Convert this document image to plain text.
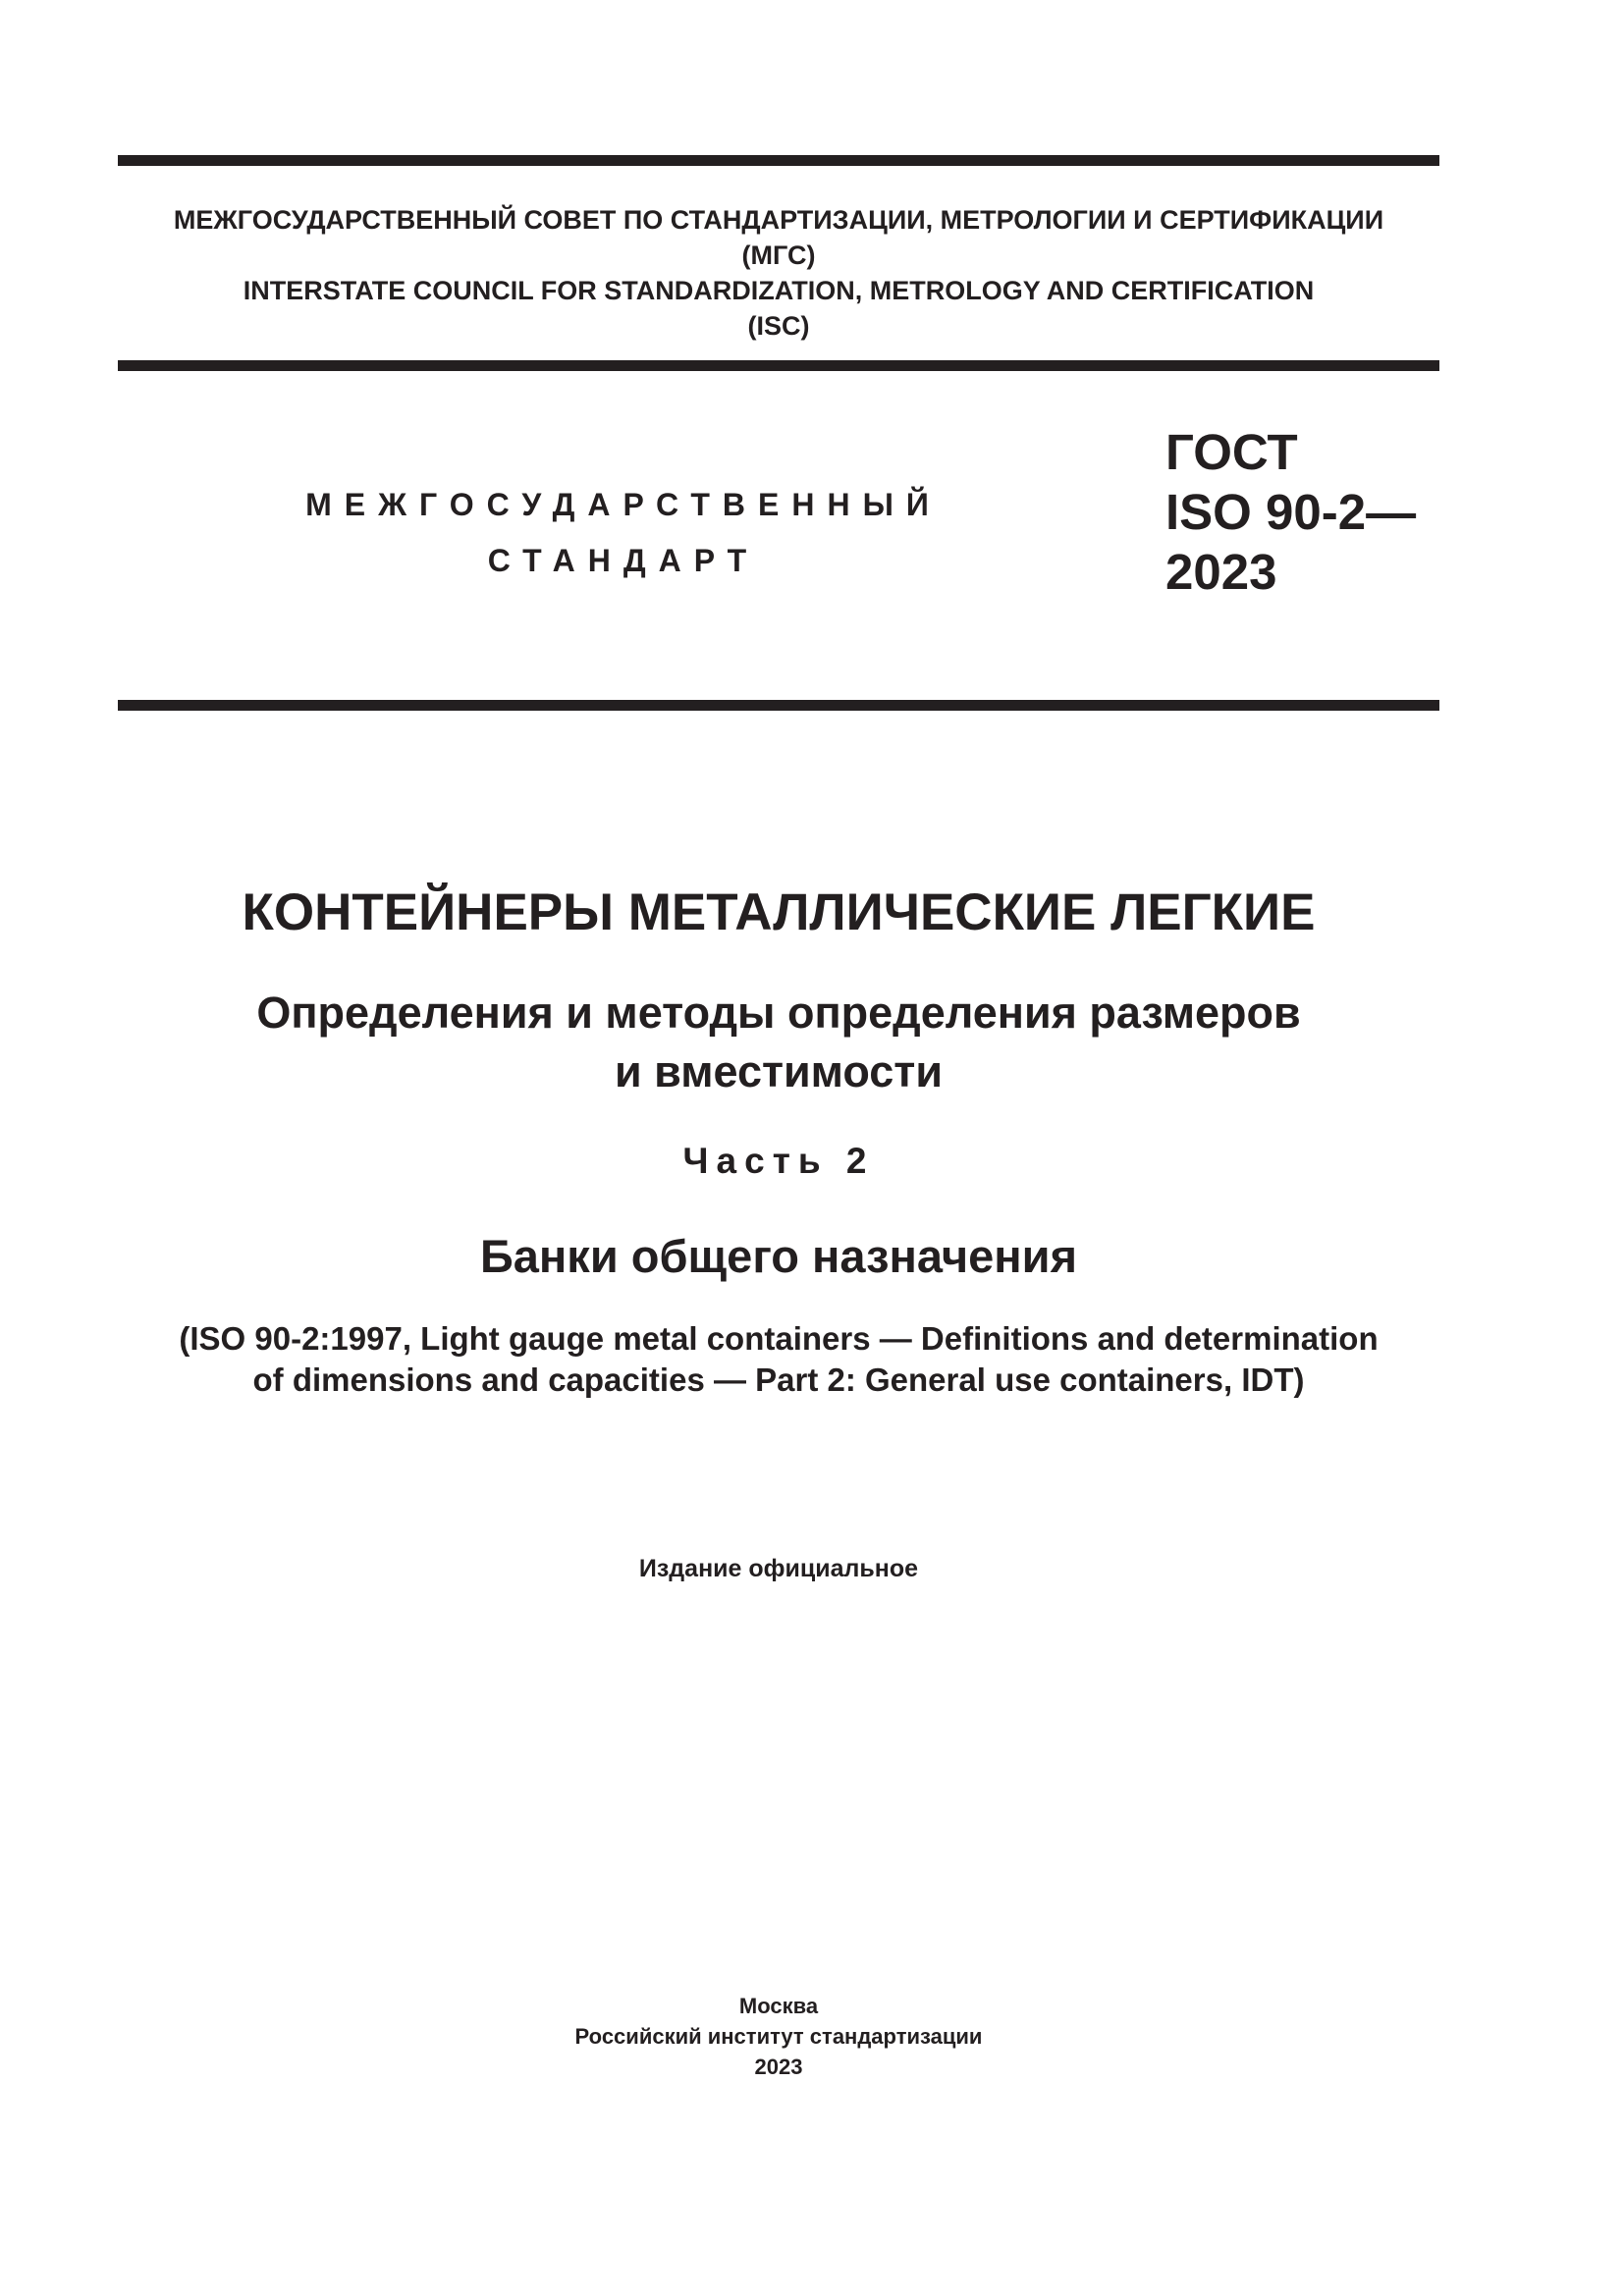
МЕЖГОСУДАРСТВЕННЫЙ СОВЕТ ПО СТАНДАРТИЗАЦИИ, МЕТРОЛОГИИ И СЕРТИФИКАЦИИ
(МГС)
INTERSTATE COUNCIL FOR STANDARDIZATION, METROLOGY AND CERTIFICATION
(ISC)
МЕЖГОСУДАРСТВЕННЫЙ
СТАНДАРТ
ГОСТ
ISO 90-2—
2023
КОНТЕЙНЕРЫ МЕТАЛЛИЧЕСКИЕ ЛЕГКИЕ
Определения и методы определения размеров
и вместимости
Часть 2
Банки общего назначения
(ISO 90-2:1997, Light gauge metal containers — Definitions and determination
of dimensions and capacities — Part 2: General use containers, IDT)
Издание официальное
Москва
Российский институт стандартизации
2023
